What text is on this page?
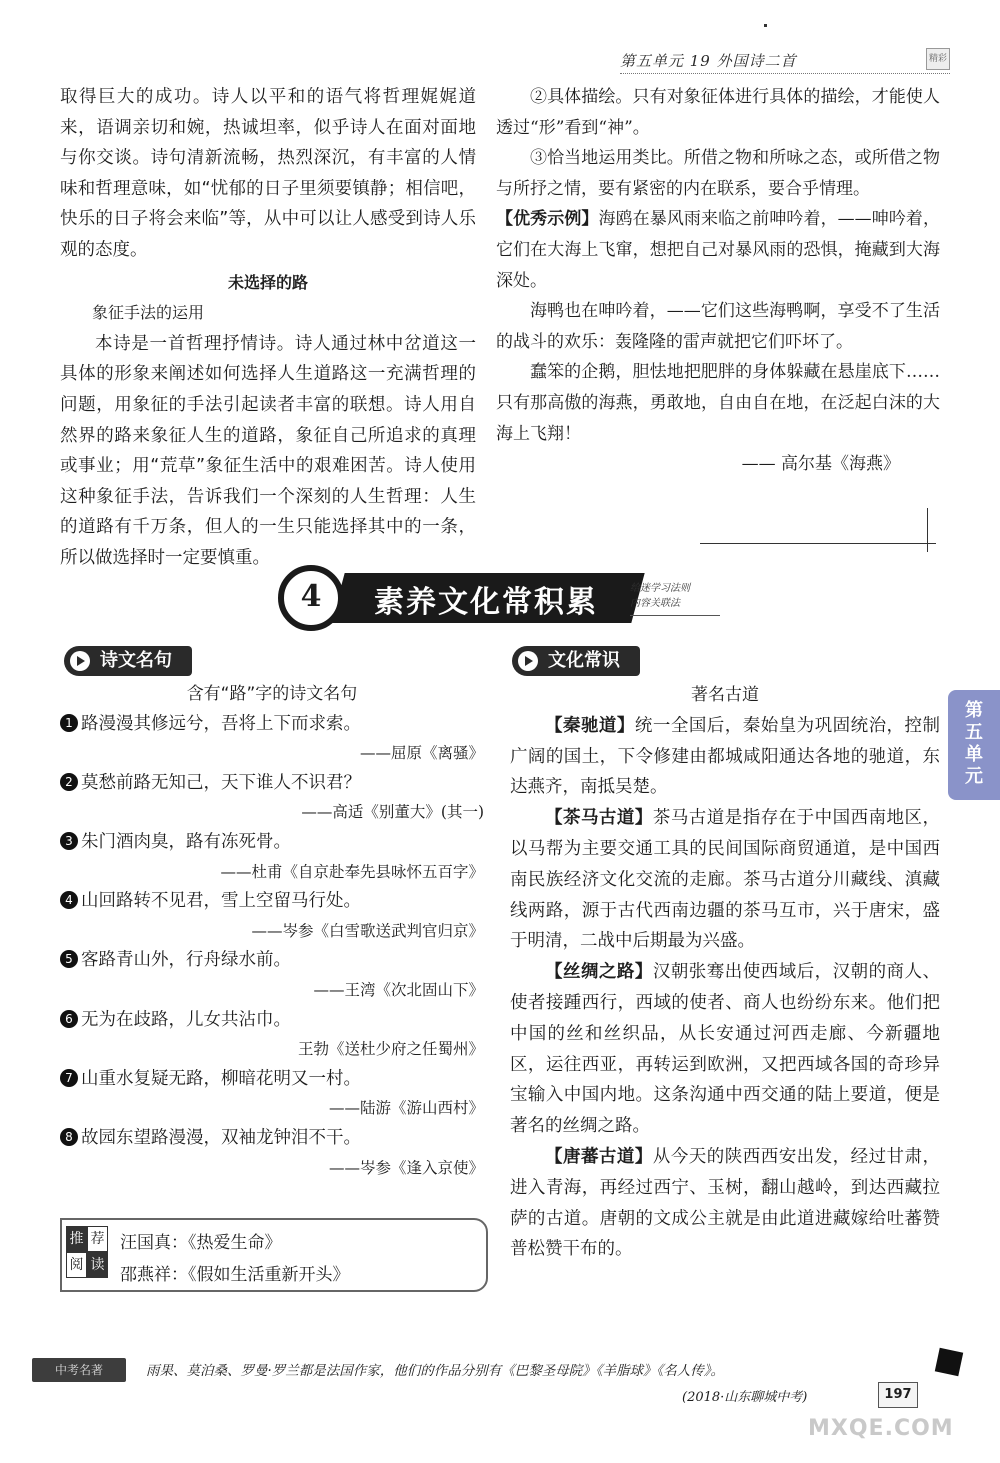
第五单元 19 外国诗二首	精彩

取得巨大的成功。诗人以平和的语气将哲理娓娓道来，语调亲切和婉，热诚坦率，似乎诗人在面对面地与你交谈。诗句清新流畅，热烈深沉，有丰富的人情味和哲理意味，如“忧郁的日子里须要镇静；相信吧，快乐的日子将会来临”等，从中可以让人感受到诗人乐观的态度。

未选择的路

象征手法的运用

本诗是一首哲理抒情诗。诗人通过林中岔道这一具体的形象来阐述如何选择人生道路这一充满哲理的问题，用象征的手法引起读者丰富的联想。诗人用自然界的路来象征人生的道路，象征自己所追求的真理或事业；用“荒草”象征生活中的艰难困苦。诗人使用这种象征手法，告诉我们一个深刻的人生哲理：人生的道路有千万条，但人的一生只能选择其中的一条，所以做选择时一定要慎重。

②具体描绘。只有对象征体进行具体的描绘，才能使人透过“形”看到“神”。

③恰当地运用类比。所借之物和所咏之态，或所借之物与所抒之情，要有紧密的内在联系，要合乎情理。

【优秀示例】海鸥在暴风雨来临之前呻吟着，——呻吟着，它们在大海上飞窜，想把自己对暴风雨的恐惧，掩藏到大海深处。

海鸭也在呻吟着，——它们这些海鸭啊，享受不了生活的战斗的欢乐：轰隆隆的雷声就把它们吓坏了。

蠢笨的企鹅，胆怯地把肥胖的身体躲藏在悬崖底下……只有那高傲的海燕，勇敢地，自由自在地，在泛起白沫的大海上飞翔！

—— 高尔基《海燕》

4	素养文化常积累	给迷学习法则
内容关联法
诗文名句	文化常识

含有“路”字的诗文名句

1 路漫漫其修远兮，吾将上下而求索。

——屈原《离骚》

2 莫愁前路无知己，天下谁人不识君？

——高适《别董大》(其一)

3 朱门酒肉臭，路有冻死骨。

——杜甫《自京赴奉先县咏怀五百字》

4 山回路转不见君，雪上空留马行处。

——岑参《白雪歌送武判官归京》

5 客路青山外，行舟绿水前。

——王湾《次北固山下》

6 无为在歧路，儿女共沾巾。

王勃《送杜少府之任蜀州》

7 山重水复疑无路，柳暗花明又一村。

——陆游《游山西村》

8 故园东望路漫漫，双袖龙钟泪不干。

——岑参《逢入京使》

著名古道

【秦驰道】统一全国后，秦始皇为巩固统治，控制广阔的国土，下令修建由都城咸阳通达各地的驰道，东达燕齐，南抵吴楚。

【茶马古道】茶马古道是指存在于中国西南地区，以马帮为主要交通工具的民间国际商贸通道，是中国西南民族经济文化交流的走廊。茶马古道分川藏线、滇藏线两路，源于古代西南边疆的茶马互市，兴于唐宋，盛于明清，二战中后期最为兴盛。

【丝绸之路】汉朝张骞出使西域后，汉朝的商人、使者接踵西行，西域的使者、商人也纷纷东来。他们把中国的丝和丝织品，从长安通过河西走廊、今新疆地区，运往西亚，再转运到欧洲，又把西域各国的奇珍异宝输入中国内地。这条沟通中西交通的陆上要道，便是著名的丝绸之路。

【唐蕃古道】从今天的陕西西安出发，经过甘肃，进入青海，再经过西宁、玉树，翻山越岭，到达西藏拉萨的古道。唐朝的文成公主就是由此道进藏嫁给吐蕃赞普松赞干布的。

第五单元
推 荐
阅 读
汪国真：《热爱生命》
邵燕祥：《假如生活重新开头》
中考名著	雨果、莫泊桑、罗曼·罗兰都是法国作家，他们的作品分别有《巴黎圣母院》《羊脂球》《名人传》。
(2018·山东聊城中考)	197
MXQE.COM
